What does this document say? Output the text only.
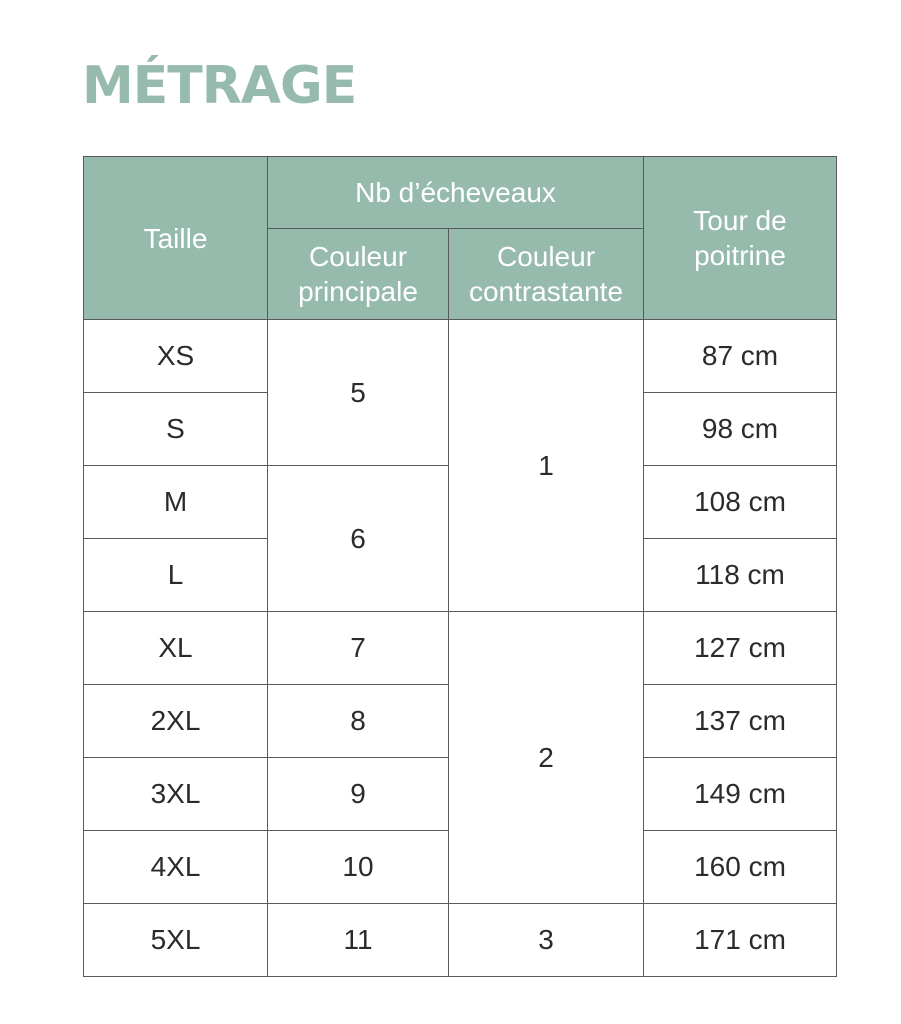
MÉTRAGE
Taille	Nb d’écheveaux		Tour de poitrine
	Couleur principale	Couleur contrastante	
XS	5	1	87 cm
S			98 cm
M	6		108 cm
L			118 cm
XL	7	2	127 cm
2XL	8		137 cm
3XL	9		149 cm
4XL	10		160 cm
5XL	11	3	171 cm
